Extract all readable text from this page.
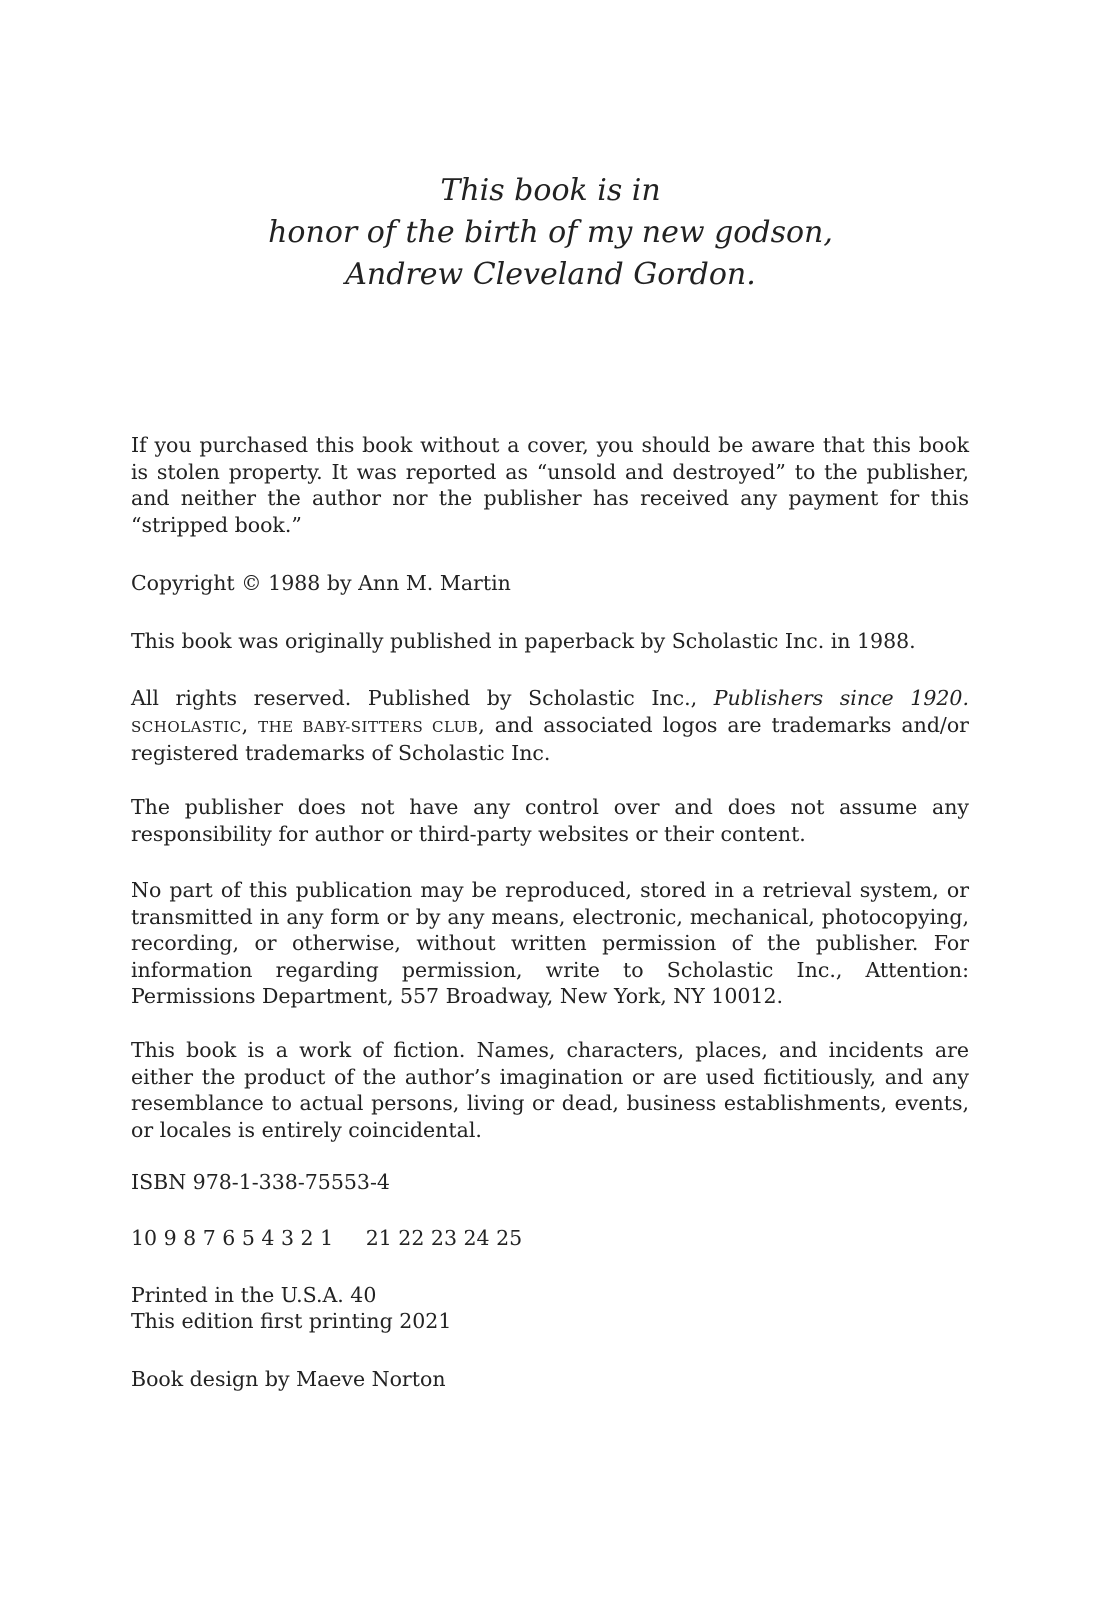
This book is in
honor of the birth of my new godson,
Andrew Cleveland Gordon.

If you purchased this book without a cover, you should be aware that this book is stolen property. It was reported as “unsold and destroyed” to the publisher, and neither the author nor the publisher has received any payment for this “stripped book.”

Copyright © 1988 by Ann M. Martin

This book was originally published in paperback by Scholastic Inc. in 1988.

All rights reserved. Published by Scholastic Inc., Publishers since 1920. SCHOLASTIC, THE BABY-SITTERS CLUB, and associated logos are trademarks and/or registered trademarks of Scholastic Inc.

The publisher does not have any control over and does not assume any responsibility for author or third-party websites or their content.

No part of this publication may be reproduced, stored in a retrieval system, or transmitted in any form or by any means, electronic, mechanical, photocopying, recording, or otherwise, without written permission of the publisher. For information regarding permission, write to Scholastic Inc., Attention: Permissions Department, 557 Broadway, New York, NY 10012.

This book is a work of fiction. Names, characters, places, and incidents are either the product of the author’s imagination or are used fictitiously, and any resemblance to actual persons, living or dead, business establishments, events, or locales is entirely coincidental.

ISBN 978-1-338-75553-4

10 9 8 7 6 5 4 3 2 1     21 22 23 24 25

Printed in the U.S.A. 40

This edition first printing 2021

Book design by Maeve Norton
